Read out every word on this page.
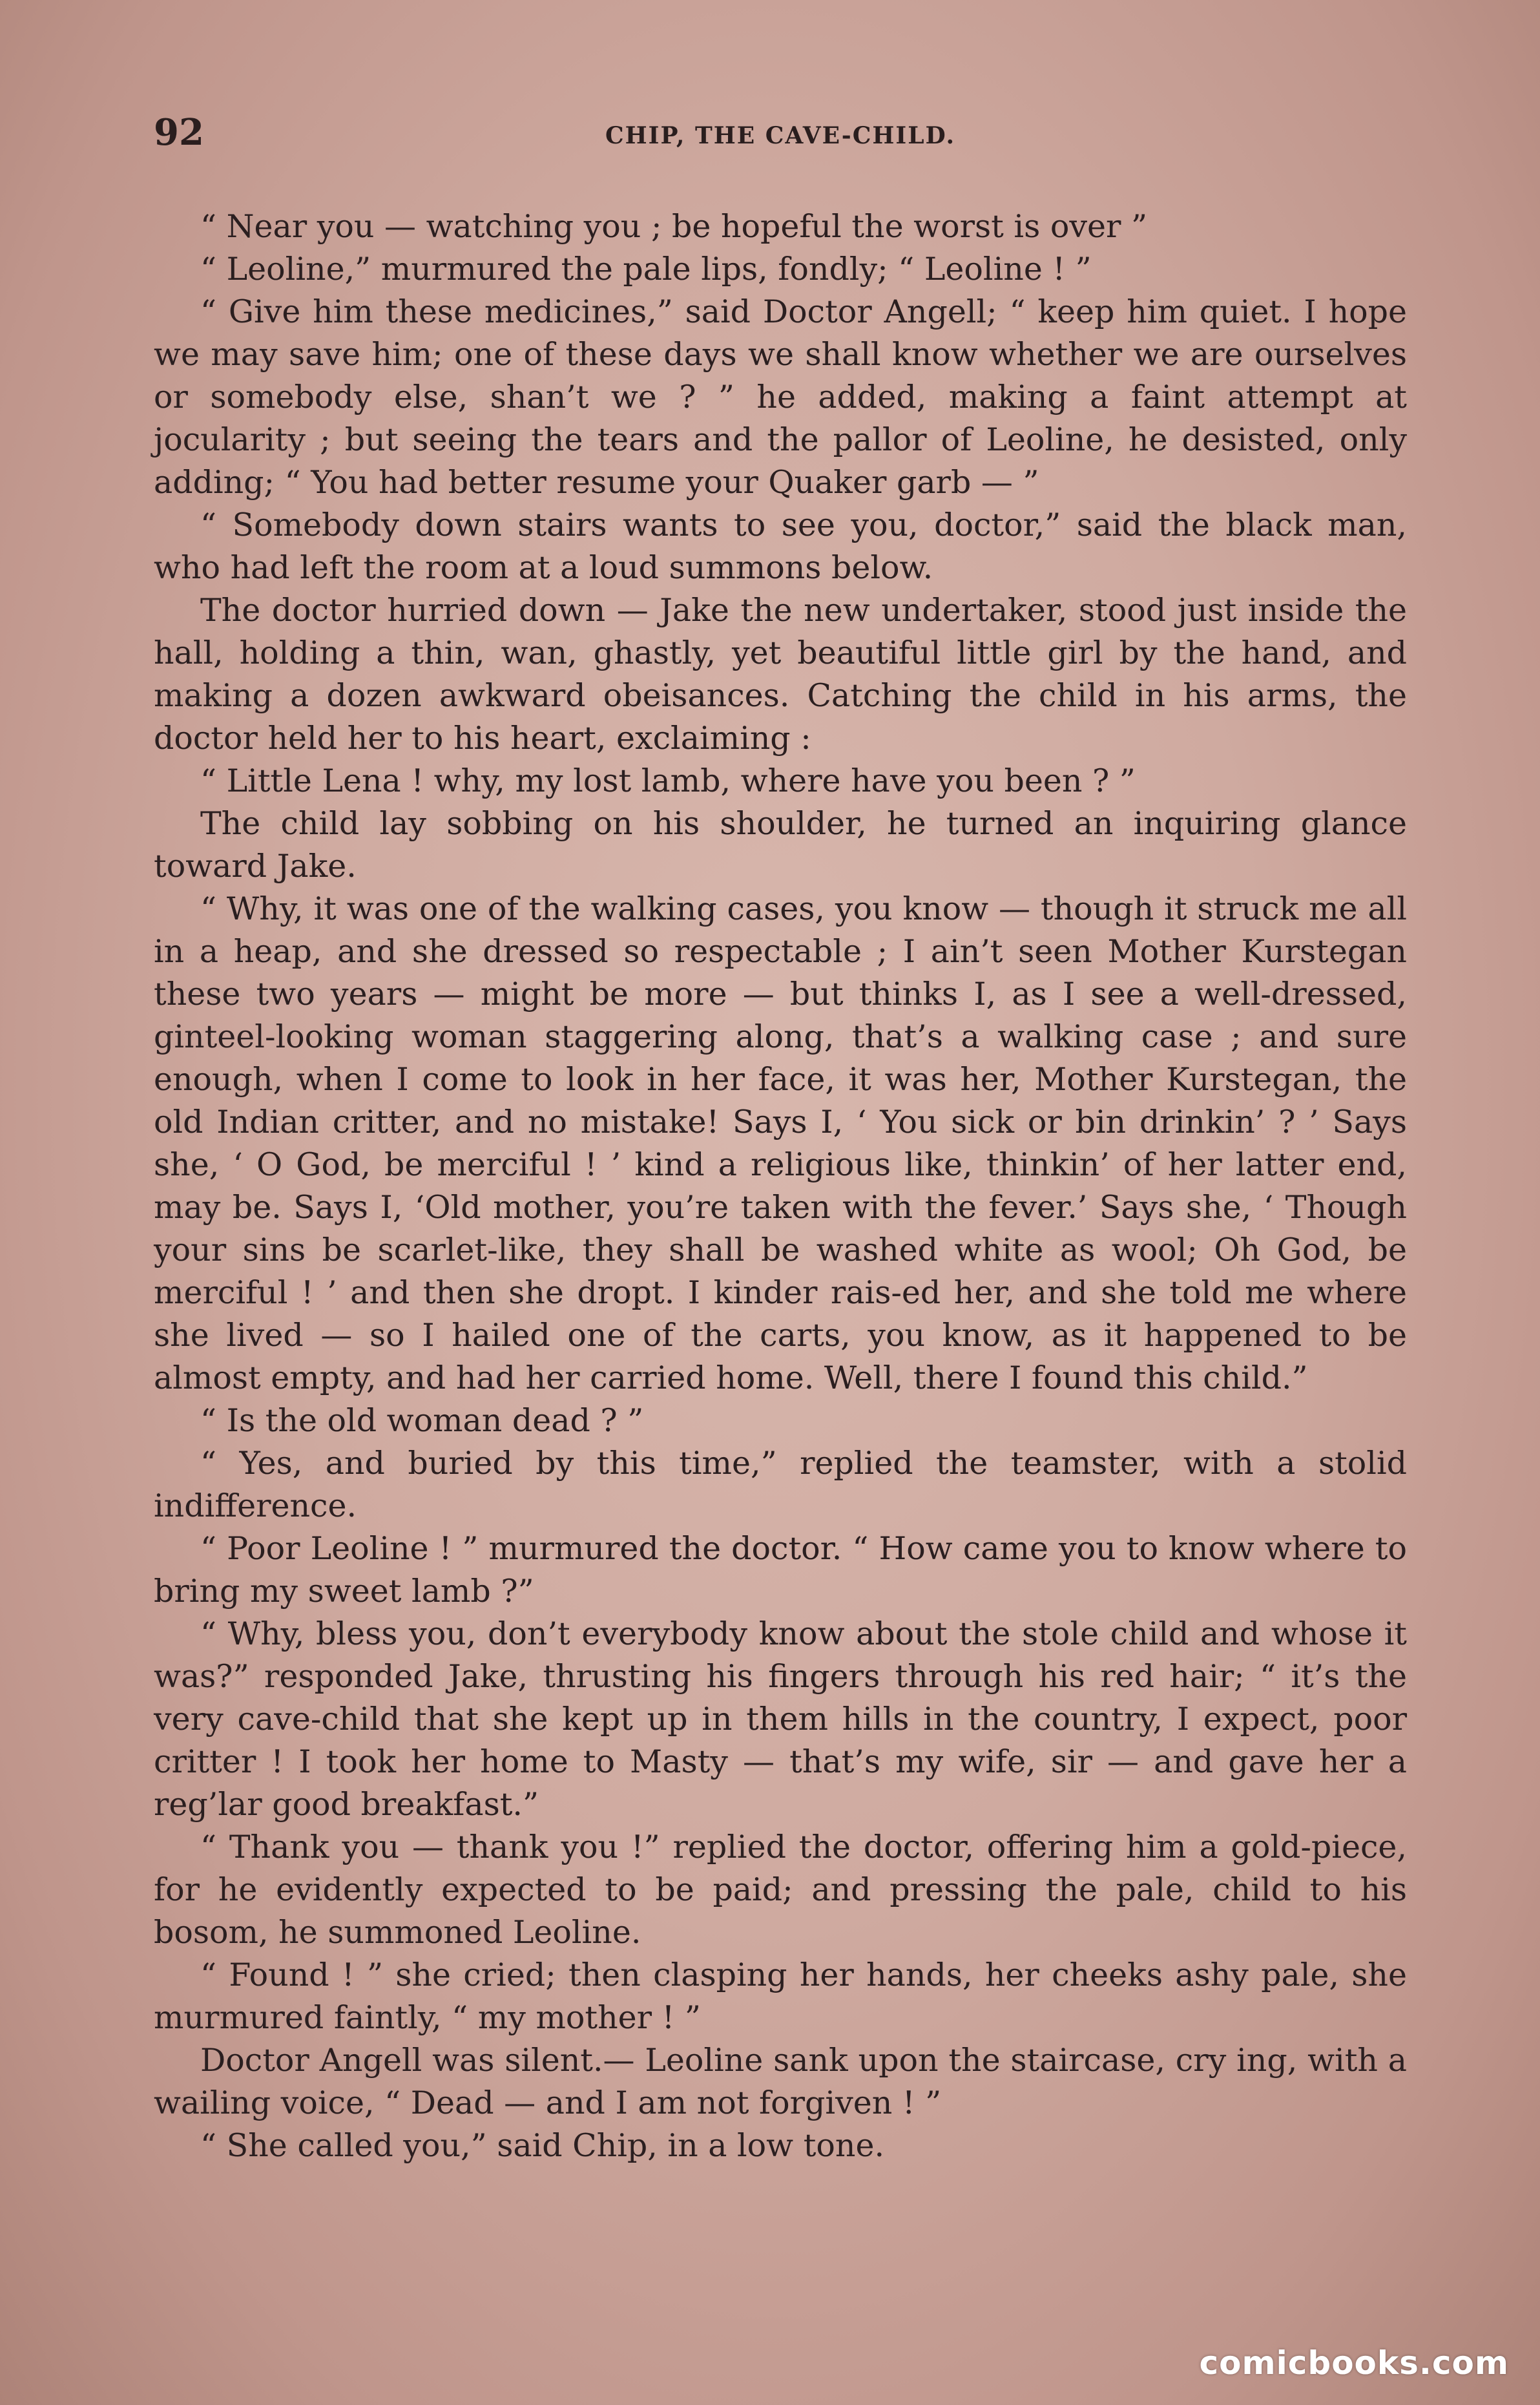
92	CHIP, THE CAVE-CHILD.

“ Near you — watching you ; be hopeful the worst is over ”

“ Leoline,” murmured the pale lips, fondly; “ Leoline ! ”

“ Give him these medicines,” said Doctor Angell; “ keep him quiet. I hope we may save him; one of these days we shall know whether we are ourselves or somebody else, shan’t we ? ” he added, making a faint attempt at jocularity ; but seeing the tears and the pallor of Leoline, he desisted, only adding; “ You had better resume your Quaker garb — ”

“ Somebody down stairs wants to see you, doctor,” said the black man, who had left the room at a loud summons below.

The doctor hurried down — Jake the new undertaker, stood just inside the hall, holding a thin, wan, ghastly, yet beautiful little girl by the hand, and making a dozen awkward obeisances. Catching the child in his arms, the doctor held her to his heart, exclaiming :

“ Little Lena ! why, my lost lamb, where have you been ? ”

The child lay sobbing on his shoulder, he turned an inquiring glance toward Jake.

“ Why, it was one of the walking cases, you know — though it struck me all in a heap, and she dressed so respectable ; I ain’t seen Mother Kurstegan these two years — might be more — but thinks I, as I see a well-dressed, ginteel-looking woman staggering along, that’s a walking case ; and sure enough, when I come to look in her face, it was her, Mother Kurstegan, the old Indian critter, and no mistake! Says I, ‘ You sick or bin drinkin’ ? ’ Says she, ‘ O God, be merciful ! ’ kind a religious like, thinkin’ of her latter end, may be. Says I, ‘Old mother, you’re taken with the fever.’ Says she, ‘ Though your sins be scarlet-like, they shall be washed white as wool; Oh God, be merciful ! ’ and then she dropt. I kinder rais-ed her, and she told me where she lived — so I hailed one of the carts, you know, as it happened to be almost empty, and had her carried home. Well, there I found this child.”

“ Is the old woman dead ? ”

“ Yes, and buried by this time,” replied the teamster, with a stolid indifference.

“ Poor Leoline ! ” murmured the doctor. “ How came you to know where to bring my sweet lamb ?”

“ Why, bless you, don’t everybody know about the stole child and whose it was?” responded Jake, thrusting his fingers through his red hair; “ it’s the very cave-child that she kept up in them hills in the country, I expect, poor critter ! I took her home to Masty — that’s my wife, sir — and gave her a reg’lar good breakfast.”

“ Thank you — thank you !” replied the doctor, offering him a gold-piece, for he evidently expected to be paid; and pressing the pale, child to his bosom, he summoned Leoline.

“ Found ! ” she cried; then clasping her hands, her cheeks ashy pale, she murmured faintly, “ my mother ! ”

Doctor Angell was silent.— Leoline sank upon the staircase, cry ing, with a wailing voice, “ Dead — and I am not forgiven ! ”

“ She called you,” said Chip, in a low tone.

comicbooks.com
